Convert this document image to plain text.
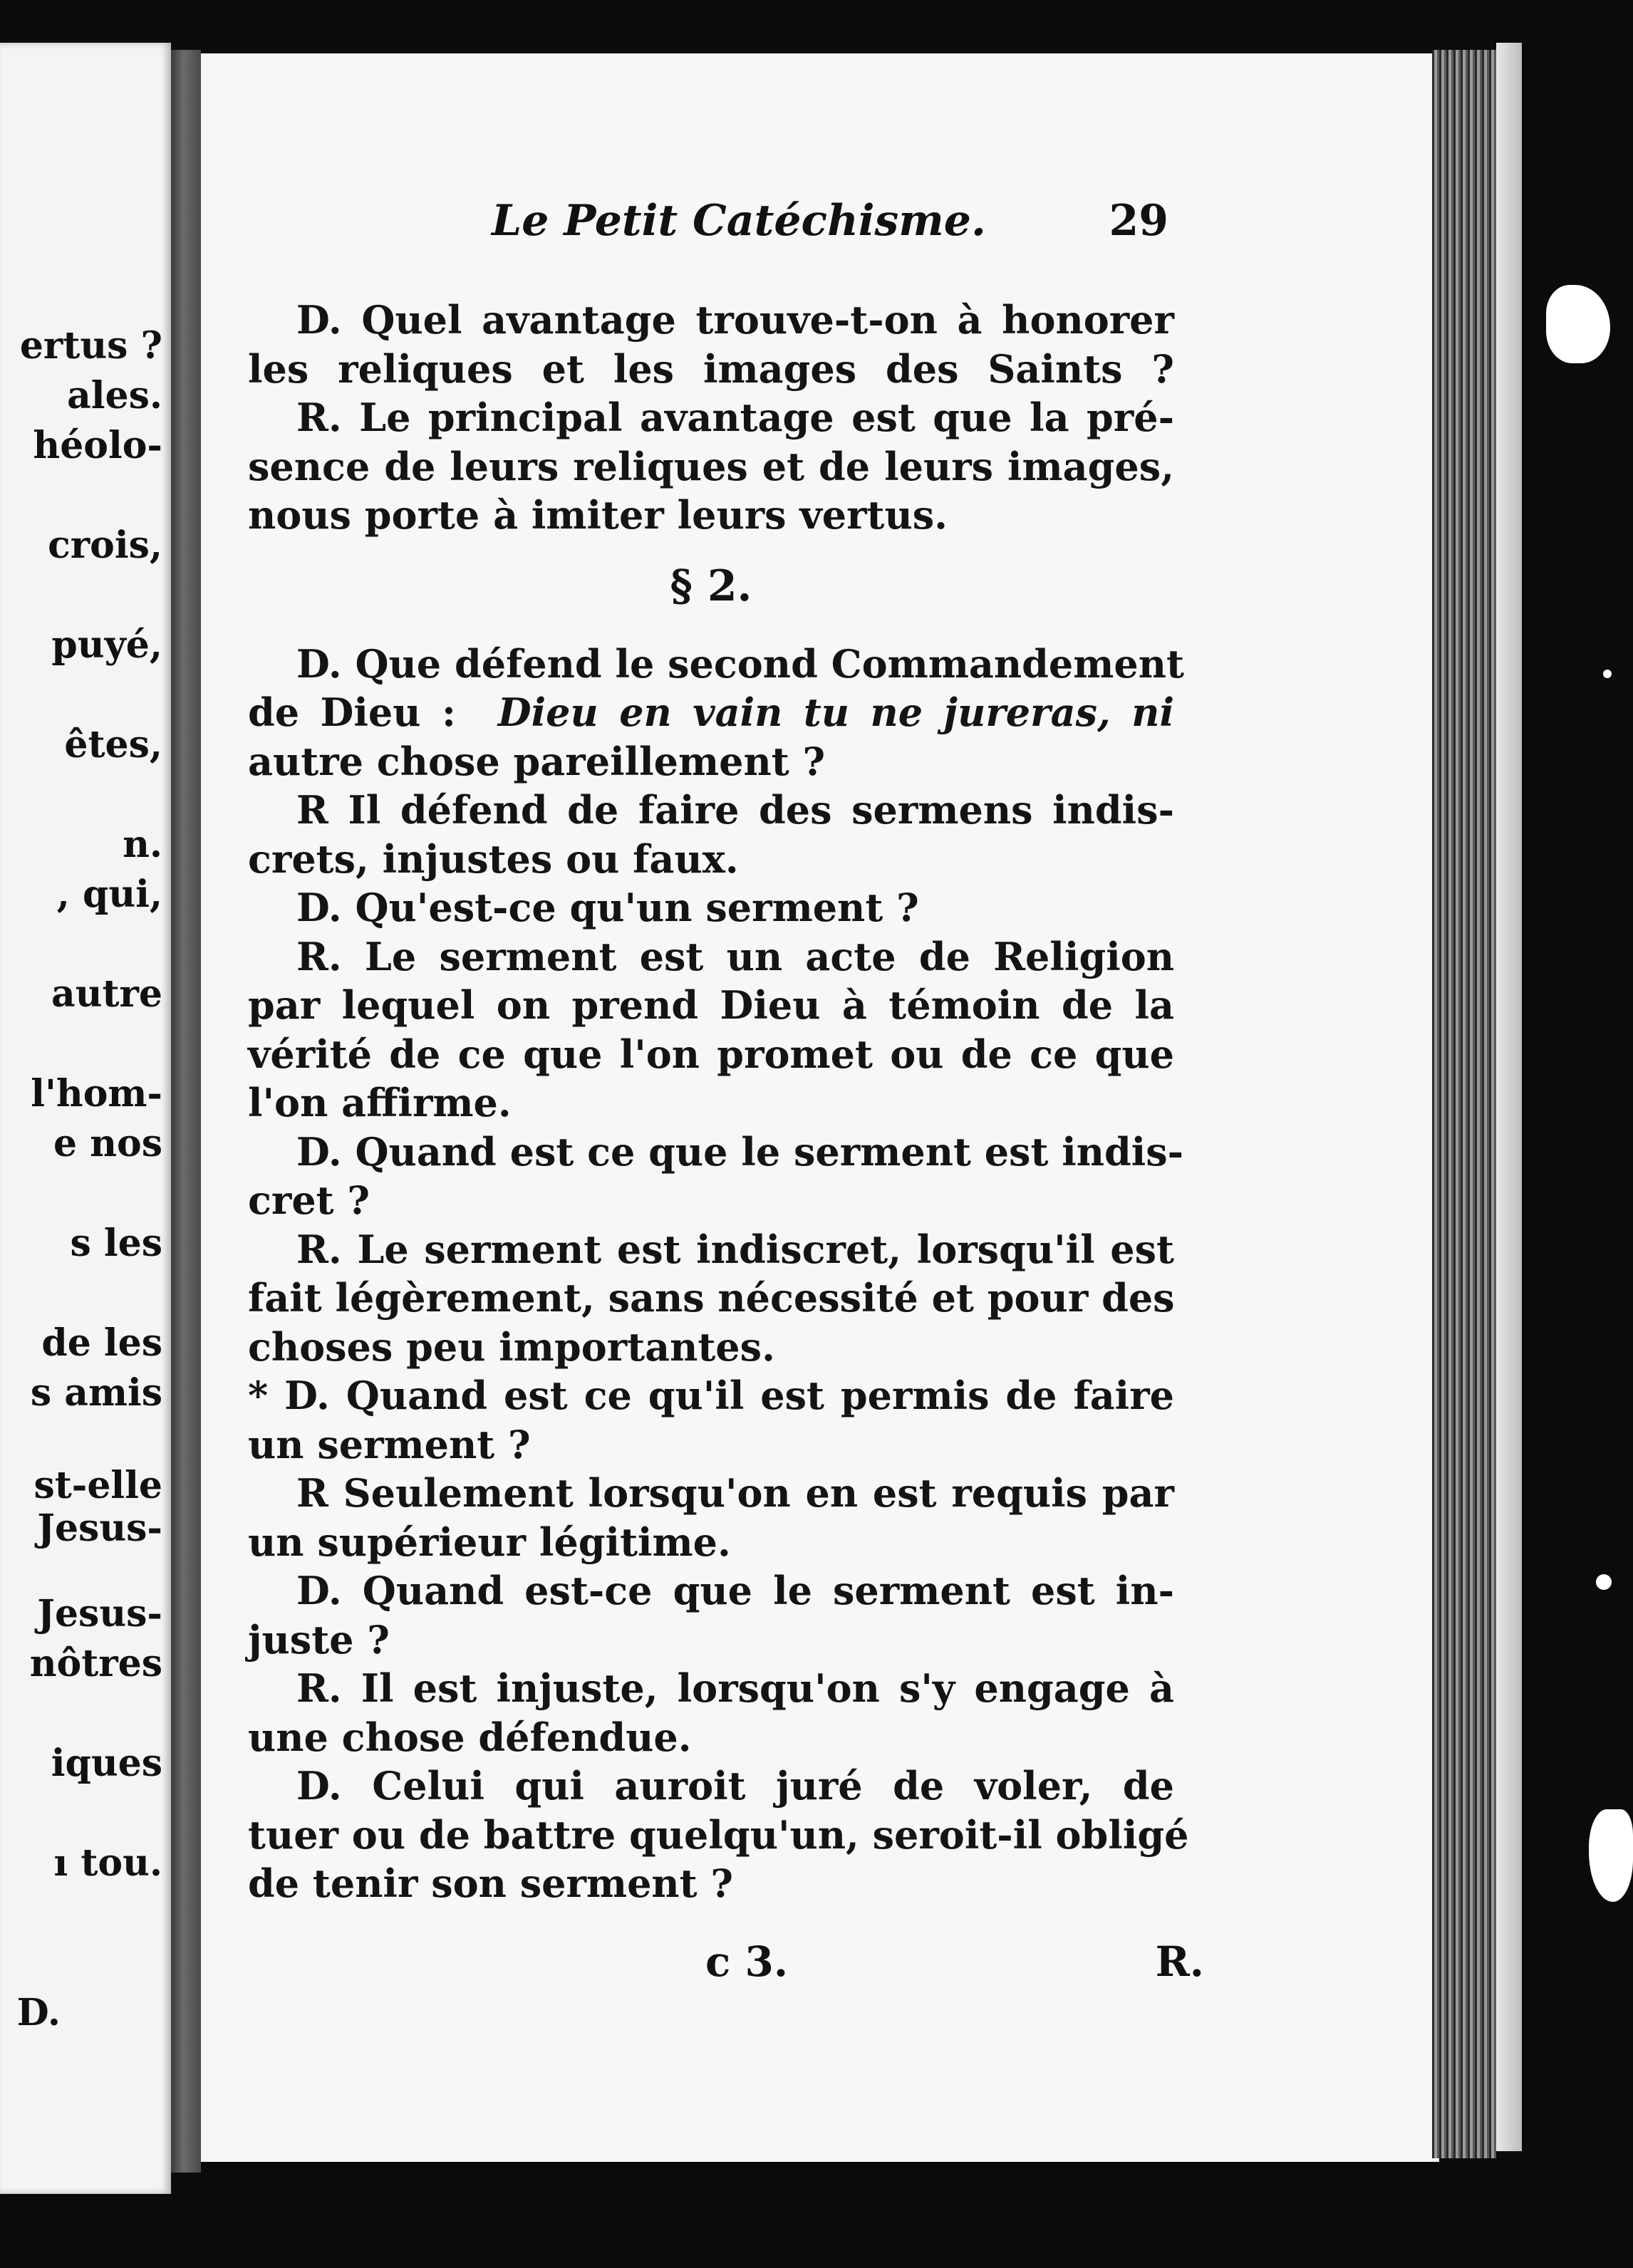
ertus ?
ales.
héolo-
crois,
puyé,
êtes,
n.
, qui,
autre
l'hom-
e nos
s les
de les
s amis
st-elle
Jesus-
Jesus-
nôtres
iques
ı tou.
D.
Le Petit Catéchisme.	29
D. Quel avantage trouve-t-on à honorer
les reliques et les images des Saints ?
R. Le principal avantage est que la pré-
sence de leurs reliques et de leurs images,
nous porte à imiter leurs vertus.
§ 2.
D. Que défend le second Commandement
de Dieu : Dieu en vain tu ne jureras, ni
autre chose pareillement ?
R Il défend de faire des sermens indis-
crets, injustes ou faux.
D. Qu'est-ce qu'un serment ?
R. Le serment est un acte de Religion
par lequel on prend Dieu à témoin de la
vérité de ce que l'on promet ou de ce que
l'on affirme.
D. Quand est ce que le serment est indis-
cret ?
R. Le serment est indiscret, lorsqu'il est
fait légèrement, sans nécessité et pour des
choses peu importantes.
* D. Quand est ce qu'il est permis de faire
un serment ?
R Seulement lorsqu'on en est requis par
un supérieur légitime.
D. Quand est-ce que le serment est in-
juste ?
R. Il est injuste, lorsqu'on s'y engage à
une chose défendue.
D. Celui qui auroit juré de voler, de
tuer ou de battre quelqu'un, seroit-il obligé
de tenir son serment ?
c 3.	R.
